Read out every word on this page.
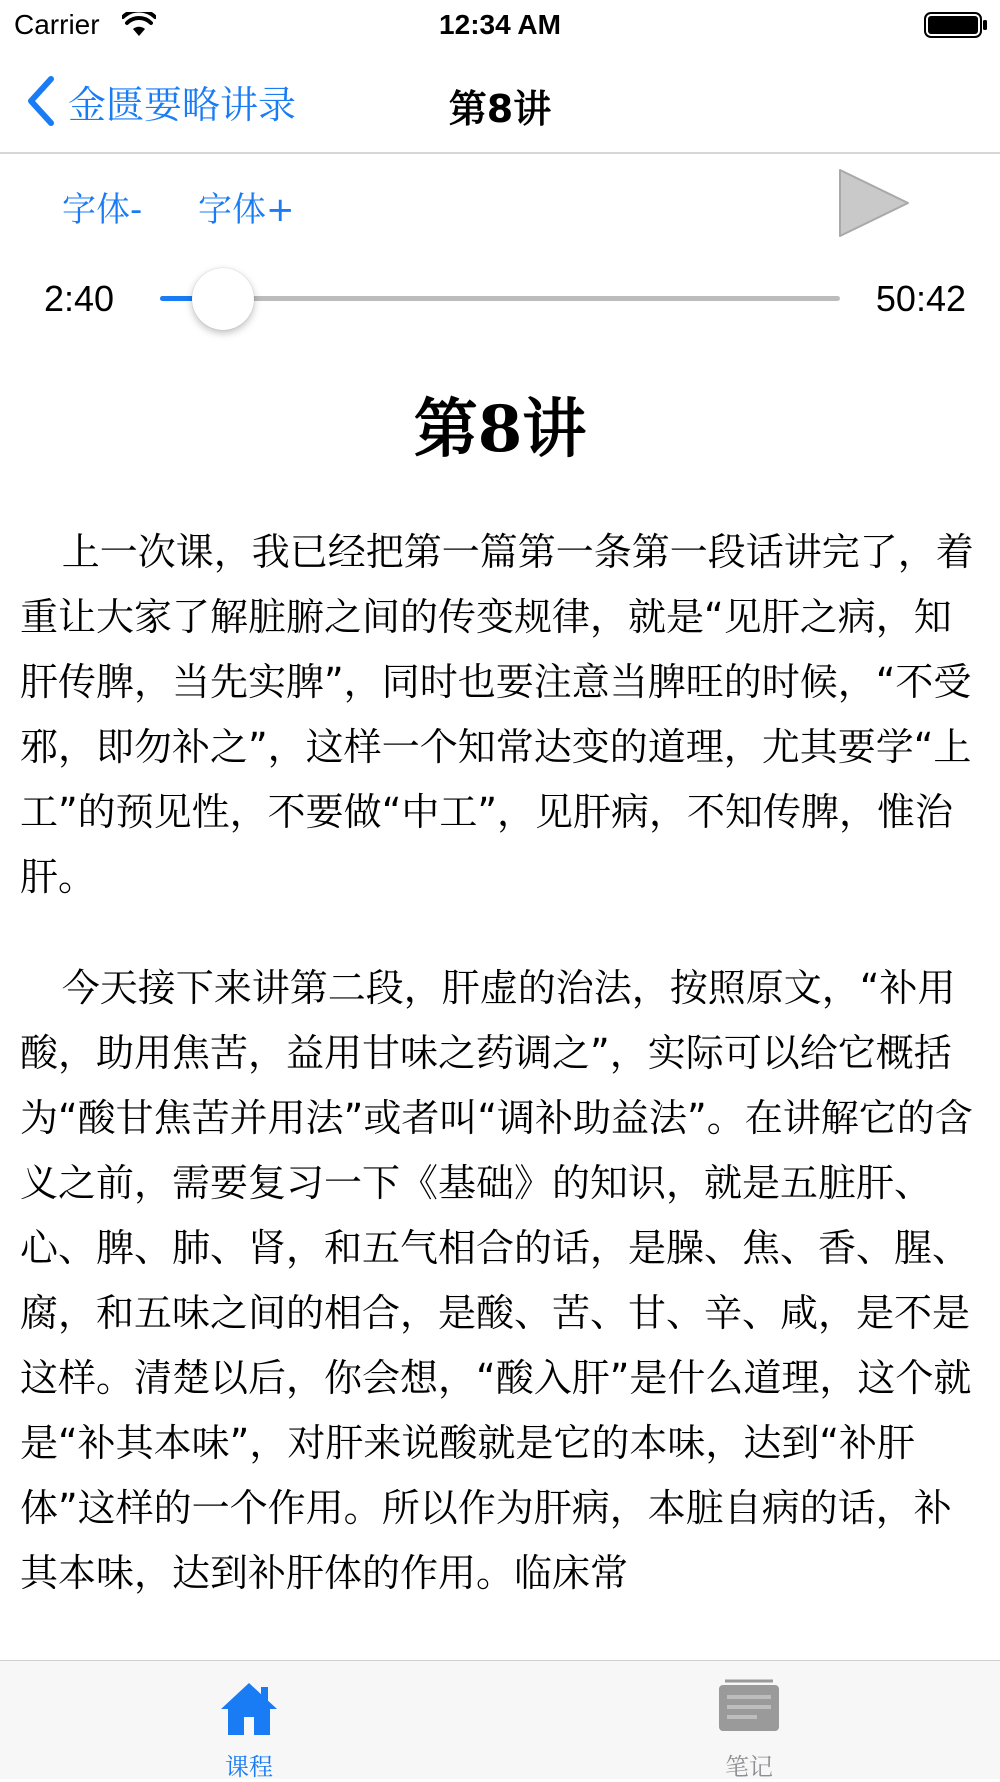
Carrier	12:34 AM
金匮要略讲录	第8讲
字体- 字体+
2:40	50:42
第8讲

上一次课，我已经把第一篇第一条第一段话讲完了，着重让大家了解脏腑之间的传变规律，就是“见肝之病，知肝传脾，当先实脾”，同时也要注意当脾旺的时候，“不受邪，即勿补之”，这样一个知常达变的道理，尤其要学“上工”的预见性，不要做“中工”，见肝病，不知传脾，惟治肝。

今天接下来讲第二段，肝虚的治法，按照原文，“补用酸，助用焦苦，益用甘味之药调之”，实际可以给它概括为“酸甘焦苦并用法”或者叫“调补助益法”。在讲解它的含义之前，需要复习一下《基础》的知识，就是五脏肝、心、脾、肺、肾，和五气相合的话，是臊、焦、香、腥、腐，和五味之间的相合，是酸、苦、甘、辛、咸，是不是这样。清楚以后，你会想，“酸入肝”是什么道理，这个就是“补其本味”，对肝来说酸就是它的本味，达到“补肝体”这样的一个作用。所以作为肝病，本脏自病的话，补其本味，达到补肝体的作用。临床常

课程	笔记
